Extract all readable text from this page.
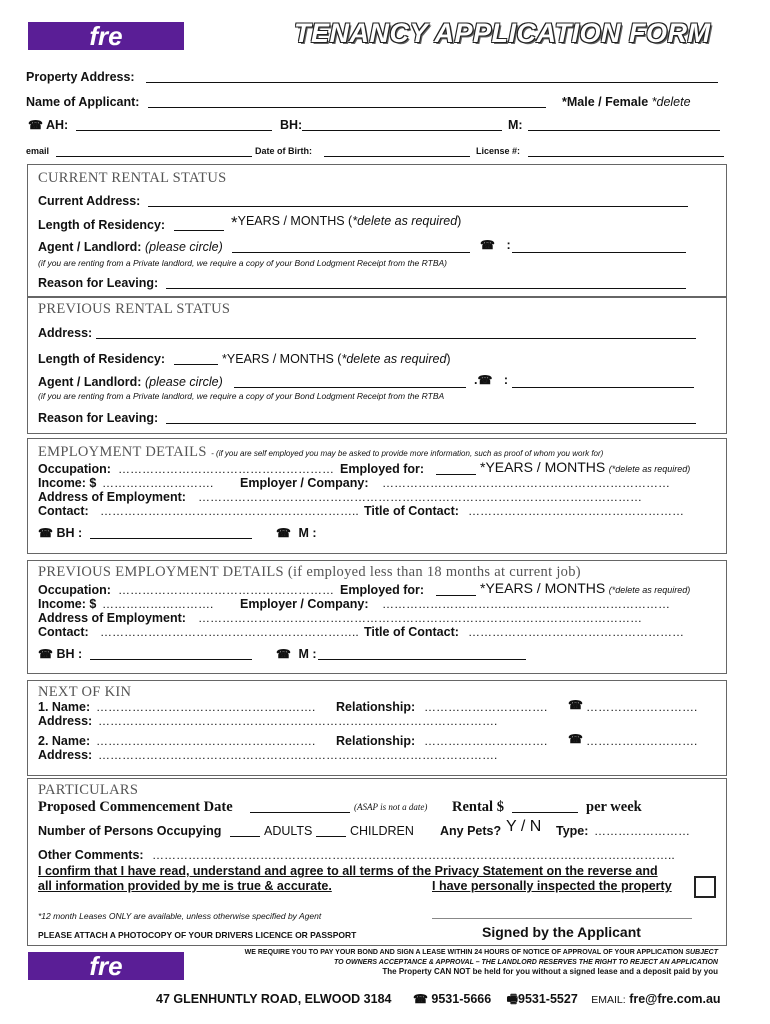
fre	TENANCY APPLICATION FORM
Property Address:
Name of Applicant:	*Male / Female *delete
☎ AH:	BH:	M:
email	Date of Birth:	License #:
CURRENT RENTAL STATUS
Current Address:
Length of Residency:	*YEARS / MONTHS (*delete as required)
Agent / Landlord: (please circle)	☎ :
(if you are renting from a Private landlord, we require a copy of your Bond Lodgment Receipt from the RTBA)
Reason for Leaving:
PREVIOUS RENTAL STATUS
Address:
Length of Residency:	*YEARS / MONTHS (*delete as required)
Agent / Landlord: (please circle)	.☎ :
(if you are renting from a Private landlord, we require a copy of your Bond Lodgment Receipt from the RTBA
Reason for Leaving:
EMPLOYMENT DETAILS - (if you are self employed you may be asked to provide more information, such as proof of whom you work for)
Occupation: ……………………………………………… Employed for:	*YEARS / MONTHS (*delete as required)
Income: $ ………………………. Employer / Company: ………………………………………………………………
Address of Employment: …………………………………………………………………………………………………
Contact: ……………………………………………………….. Title of Contact: ………………………………………………
☎ BH :	☎ M :
PREVIOUS EMPLOYMENT DETAILS (if employed less than 18 months at current job)
Occupation: ……………………………………………… Employed for:	*YEARS / MONTHS (*delete as required)
Income: $ ……………………….	Employer / Company: ………………………………………………………………
Address of Employment: …………………………………………………………………………………………………
Contact: ……………………………………………………….. Title of Contact: ………………………………………………
☎ BH :	☎ M :
NEXT OF KIN
1. Name: ……………………………………………….	Relationship: ………………………….	☎ ……………………….
Address: ……………………………………………………………………………………….
2. Name: ……………………………………………….	Relationship: ………………………….	☎ ……………………….
Address: ……………………………………………………………………………………….
PARTICULARS
Proposed Commencement Date	(ASAP is not a date) Rental $	per week
Number of Persons Occupying	ADULTS	CHILDREN Any Pets? Y / N Type: ……………………
Other Comments: …………………………………………………………………………………………………………………..
I confirm that I have read, understand and agree to all terms of the Privacy Statement on the reverse and
all information provided by me is true & accurate.	I have personally inspected the property
*12 month Leases ONLY are available, unless otherwise specified by Agent
PLEASE ATTACH A PHOTOCOPY OF YOUR DRIVERS LICENCE OR PASSPORT	Signed by the Applicant
fre	WE REQUIRE YOU TO PAY YOUR BOND AND SIGN A LEASE WITHIN 24 HOURS OF NOTICE OF APPROVAL OF YOUR APPLICATION SUBJECT
TO OWNERS ACCEPTANCE & APPROVAL – THE LANDLORD RESERVES THE RIGHT TO REJECT AN APPLICATION
The Property CAN NOT be held for you without a signed lease and a deposit paid by you
47 GLENHUNTLY ROAD, ELWOOD 3184 ☎ 9531-5666 🖷9531-5527 EMAIL: fre@fre.com.au
